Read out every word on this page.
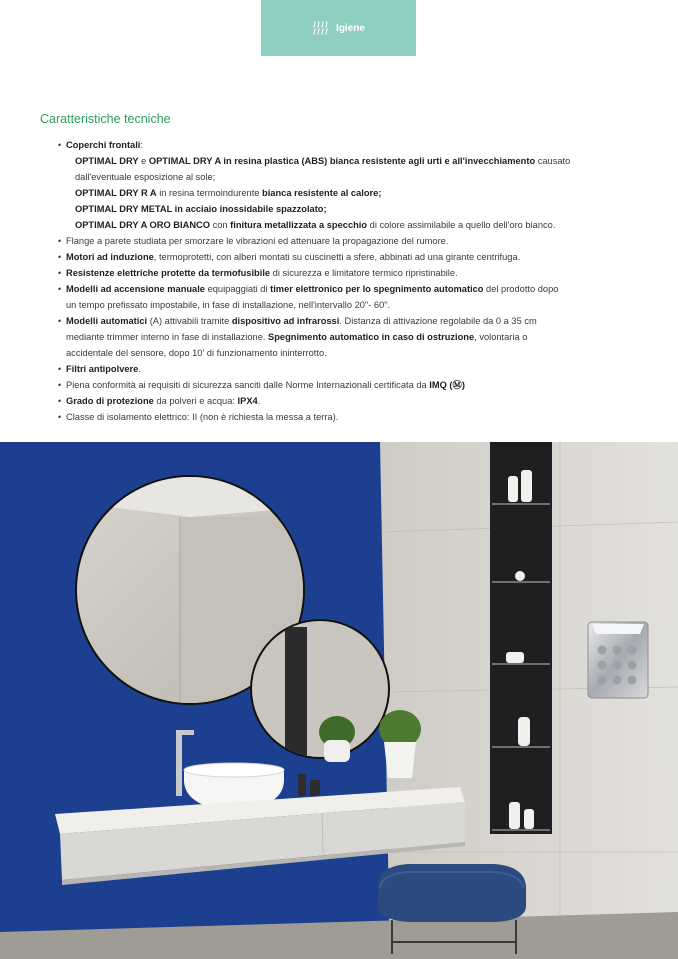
Igiene
Caratteristiche tecniche
• Coperchi frontali:
OPTIMAL DRY e OPTIMAL DRY A in resina plastica (ABS) bianca resistente agli urti e all'invecchiamento causato
dall'eventuale esposizione al sole;
OPTIMAL DRY R A in resina termoindurente bianca resistente al calore;
OPTIMAL DRY METAL in acciaio inossidabile spazzolato;
OPTIMAL DRY A ORO BIANCO con finitura metallizzata a specchio di colore assimilabile a quello dell'oro bianco.
• Flange a parete studiata per smorzare le vibrazioni ed attenuare la propagazione del rumore.
• Motori ad induzione, termoprotetti, con alberi montati su cuscinetti a sfere, abbinati ad una girante centrifuga.
• Resistenze elettriche protette da termofusibile di sicurezza e limitatore termico ripristinabile.
• Modelli ad accensione manuale equipaggiati di timer elettronico per lo spegnimento automatico del prodotto dopo
un tempo prefissato impostabile, in fase di installazione, nell'intervallo 20"- 60".
• Modelli automatici (A) attivabili tramite dispositivo ad infrarossi. Distanza di attivazione regolabile da 0 a 35 cm
mediante trimmer interno in fase di installazione. Spegnimento automatico in caso di ostruzione, volontaria o
accidentale del sensore, dopo 10' di funzionamento ininterrotto.
• Filtri antipolvere.
• Piena conformità ai requisiti di sicurezza sanciti dalle Norme Internazionali certificata da IMQ (Ⓜ)
• Grado di protezione da polveri e acqua: IPX4.
• Classe di isolamento elettrico: II (non è richiesta la messa a terra).
